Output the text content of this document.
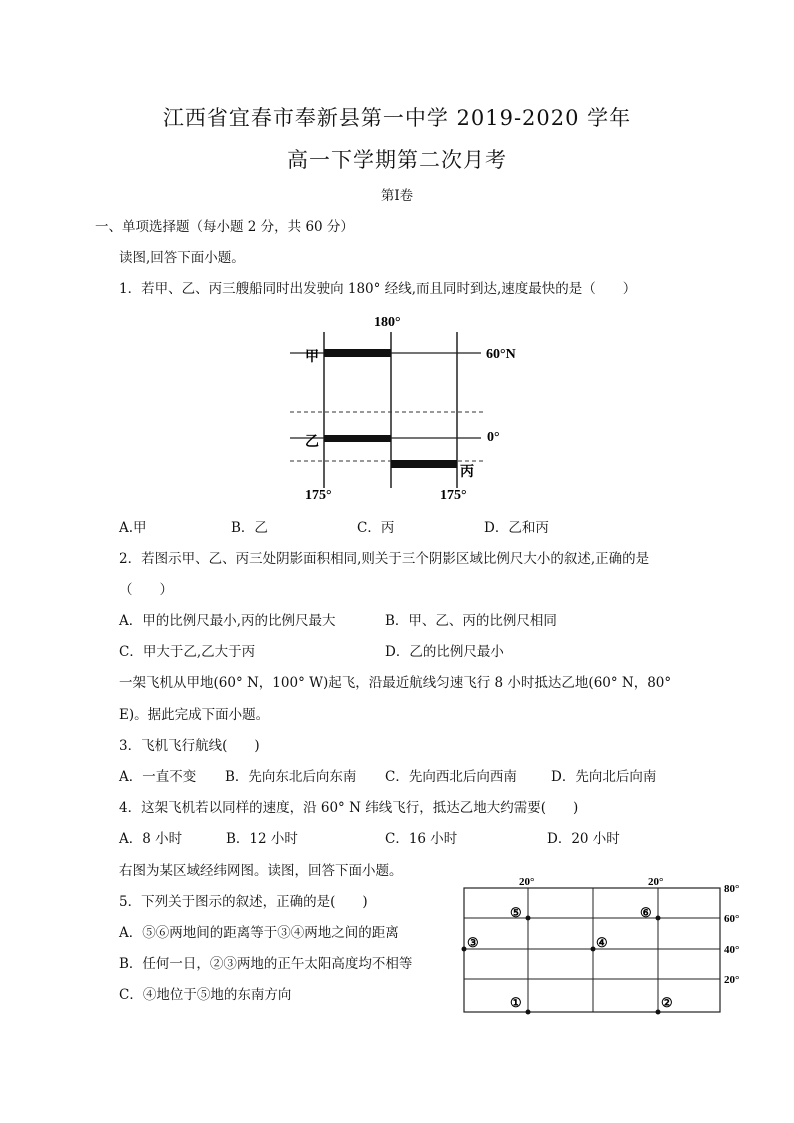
江西省宜春市奉新县第一中学 2019-2020 学年
高一下学期第二次月考
第Ⅰ卷
一、单项选择题（每小题 2 分，共 60 分）
读图,回答下面小题。
1．若甲、乙、丙三艘船同时出发驶向 180° 经线,而且同时到达,速度最快的是（　　）
180°
甲	60°N
乙	0°
丙
175°	175°
A.甲	B．乙	C．丙	D．乙和丙
2．若图示甲、乙、丙三处阴影面积相同,则关于三个阴影区域比例尺大小的叙述,正确的是
（　　）
A．甲的比例尺最小,丙的比例尺最大	B．甲、乙、丙的比例尺相同
C．甲大于乙,乙大于丙	D．乙的比例尺最小
一架飞机从甲地(60° N，100° W)起飞，沿最近航线匀速飞行 8 小时抵达乙地(60° N，80°
E)。据此完成下面小题。
3．飞机飞行航线(　　)
A．一直不变 B．先向东北后向东南 C．先向西北后向西南	D．先向北后向南
4．这架飞机若以同样的速度，沿 60° N 纬线飞行，抵达乙地大约需要(　　)
A．8 小时	B．12 小时	C．16 小时	D．20 小时
右图为某区域经纬网图。读图，回答下面小题。
5．下列关于图示的叙述，正确的是(　　)
A．⑤⑥两地间的距离等于③④两地之间的距离
B．任何一日，②③两地的正午太阳高度均不相等
C．④地位于⑤地的东南方向
20°	20°
80°
60°
40°
20°
①	②
③	④
⑤	⑥
